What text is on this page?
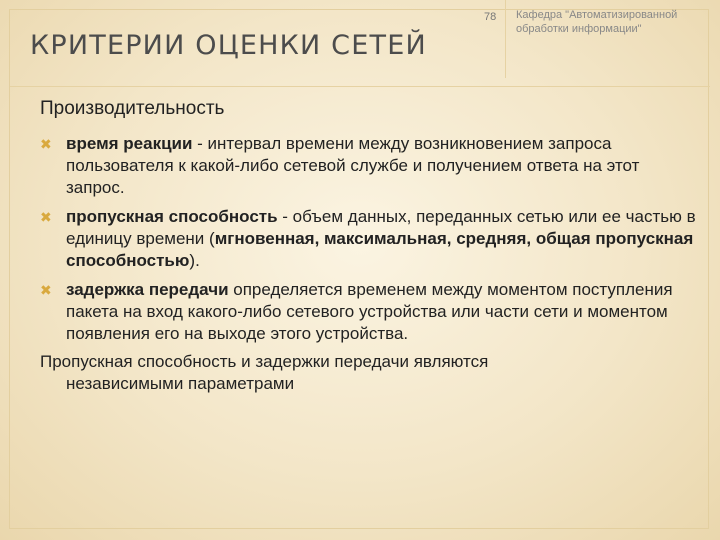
78 Кафедра "Автоматизированной обработки информации"
КРИТЕРИИ ОЦЕНКИ СЕТЕЙ
Производительность
✖ время реакции - интервал времени между возникновением запроса пользователя к какой-либо сетевой службе и получением ответа на этот запрос.
✖ пропускная способность - объем данных, переданных сетью или ее частью в единицу времени (мгновенная, максимальная, средняя, общая пропускная способностью).
✖ задержка передачи определяется временем между моментом поступления пакета на вход какого-либо сетевого устройства или части сети и моментом появления его на выходе этого устройства.
Пропускная способность и задержки передачи являются
независимыми параметрами
